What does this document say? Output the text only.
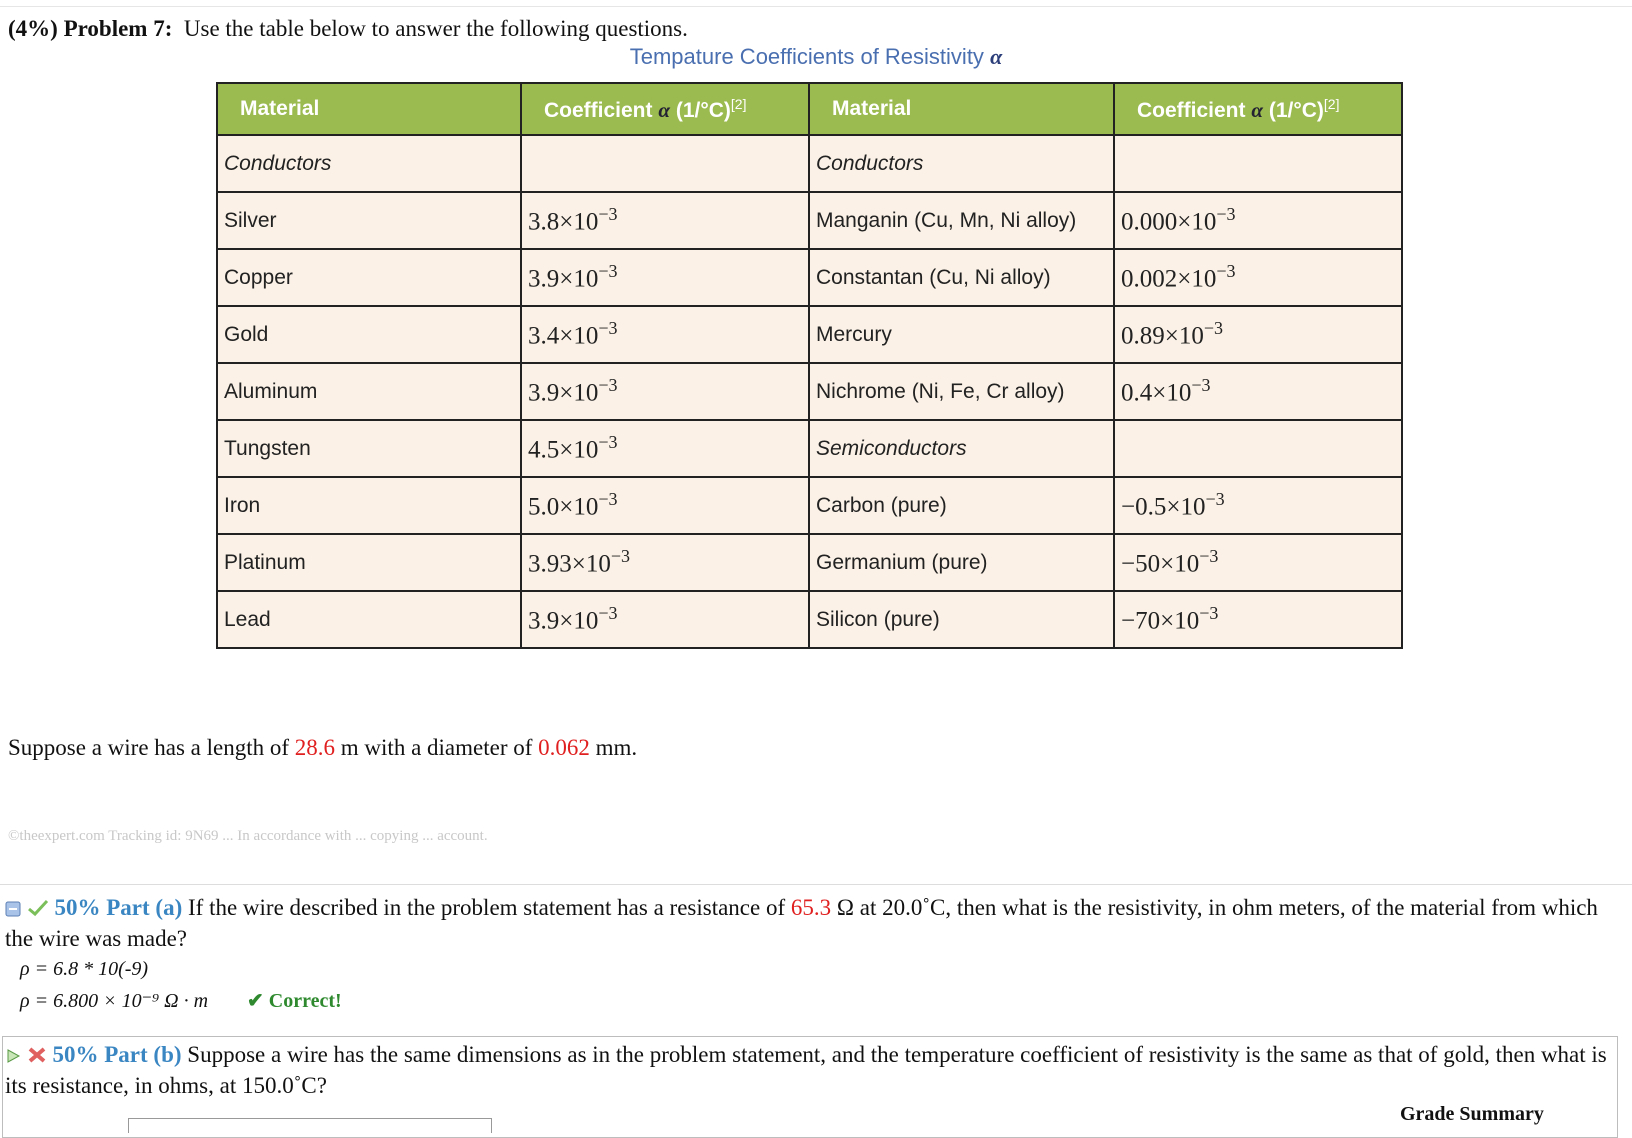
(4%) Problem 7: Use the table below to answer the following questions.
Tempature Coefficients of Resistivity α
Material	Coefficient α (1/°C)[2]	Material	Coefficient α (1/°C)[2]
Conductors		Conductors	
Silver	$3.8\times 10^{-3}$	Manganin (Cu, Mn, Ni alloy)	$0.000\times 10^{-3}$
Copper	$3.9\times 10^{-3}$	Constantan (Cu, Ni alloy)	$0.002\times 10^{-3}$
Gold	$3.4\times 10^{-3}$	Mercury	$0.89\times 10^{-3}$
Aluminum	$3.9\times 10^{-3}$	Nichrome (Ni, Fe, Cr alloy)	$0.4\times 10^{-3}$
Tungsten	$4.5\times 10^{-3}$	Semiconductors	
Iron	$5.0\times 10^{-3}$	Carbon (pure)	$-0.5\times 10^{-3}$
Platinum	$3.93\times 10^{-3}$	Germanium (pure)	$-50\times 10^{-3}$
Lead	$3.9\times 10^{-3}$	Silicon (pure)	$-70\times 10^{-3}$
Suppose a wire has a length of 28.6 m with a diameter of 0.062 mm.
©theexpert.com Tracking id: 9N69 ... In accordance with ... copying ... account.
50% Part (a) If the wire described in the problem statement has a resistance of 65.3 Ω at 20.0˚C, then what is the resistivity, in ohm meters, of the material from which the wire was made?
ρ = 6.8 * 10(-9)
ρ = 6.800 × 10⁻⁹ Ω · m ✔ Correct!
50% Part (b) Suppose a wire has the same dimensions as in the problem statement, and the temperature coefficient of resistivity is the same as that of gold, then what is its resistance, in ohms, at 150.0˚C?
Grade Summary
